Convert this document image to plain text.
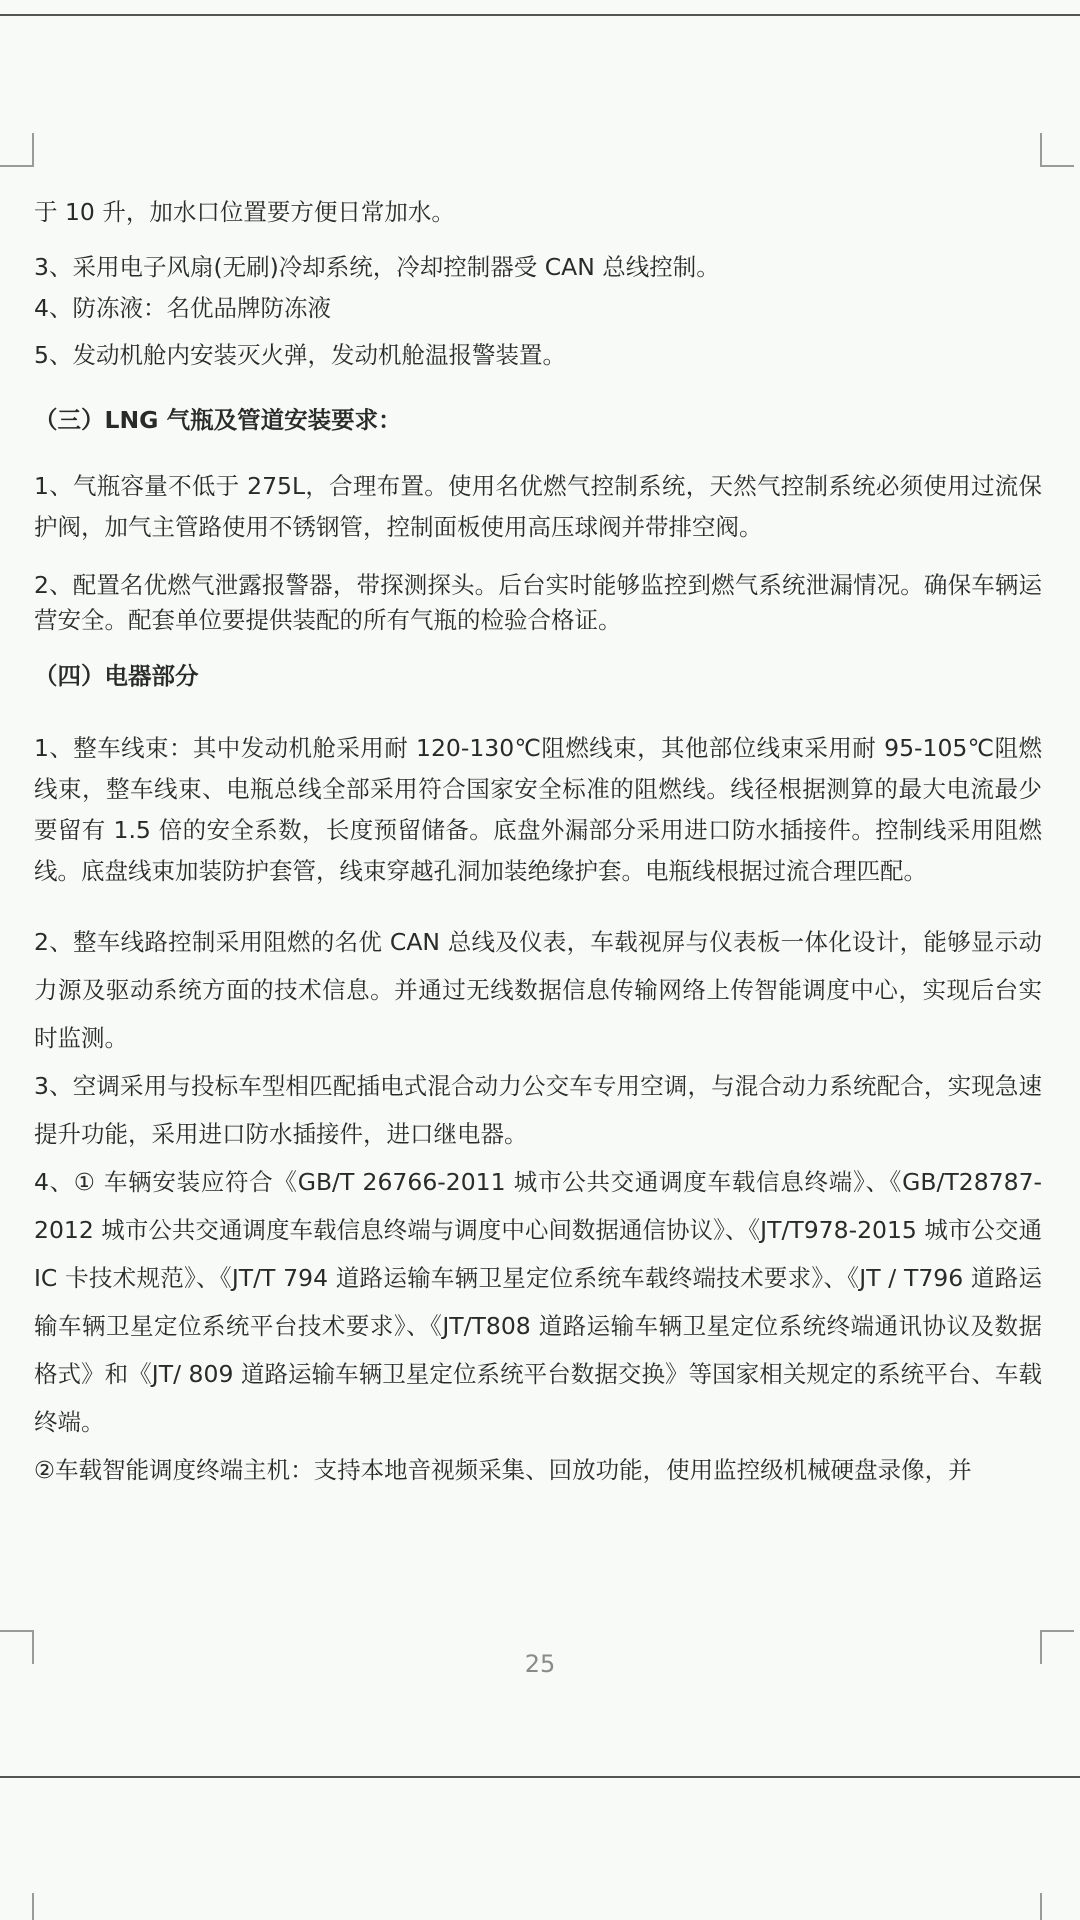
于 10 升，加水口位置要方便日常加水。

3、采用电子风扇(无刷)冷却系统，冷却控制器受 CAN 总线控制。

4、防冻液：名优品牌防冻液

5、发动机舱内安装灭火弹，发动机舱温报警装置。

（三）LNG 气瓶及管道安装要求：

1、气瓶容量不低于 275L，合理布置。使用名优燃气控制系统，天然气控制系统必须使用过流保护阀，加气主管路使用不锈钢管，控制面板使用高压球阀并带排空阀。

2、配置名优燃气泄露报警器，带探测探头。后台实时能够监控到燃气系统泄漏情况。确保车辆运营安全。配套单位要提供装配的所有气瓶的检验合格证。

（四）电器部分

1、整车线束：其中发动机舱采用耐 120-130℃阻燃线束，其他部位线束采用耐 95-105℃阻燃线束，整车线束、电瓶总线全部采用符合国家安全标准的阻燃线。线径根据测算的最大电流最少要留有 1.5 倍的安全系数，长度预留储备。底盘外漏部分采用进口防水插接件。控制线采用阻燃线。底盘线束加装防护套管，线束穿越孔洞加装绝缘护套。电瓶线根据过流合理匹配。

2、整车线路控制采用阻燃的名优 CAN 总线及仪表，车载视屏与仪表板一体化设计，能够显示动力源及驱动系统方面的技术信息。并通过无线数据信息传输网络上传智能调度中心，实现后台实时监测。

3、空调采用与投标车型相匹配插电式混合动力公交车专用空调，与混合动力系统配合，实现急速提升功能，采用进口防水插接件，进口继电器。

4、① 车辆安装应符合《GB/T 26766-2011 城市公共交通调度车载信息终端》、《GB/T28787-2012 城市公共交通调度车载信息终端与调度中心间数据通信协议》、《JT/T978-2015 城市公交通 IC 卡技术规范》、《JT/T 794 道路运输车辆卫星定位系统车载终端技术要求》、《JT / T796 道路运输车辆卫星定位系统平台技术要求》、《JT/T808 道路运输车辆卫星定位系统终端通讯协议及数据格式》和《JT/ 809 道路运输车辆卫星定位系统平台数据交换》等国家相关规定的系统平台、车载终端。

②车载智能调度终端主机：支持本地音视频采集、回放功能，使用监控级机械硬盘录像，并

25
